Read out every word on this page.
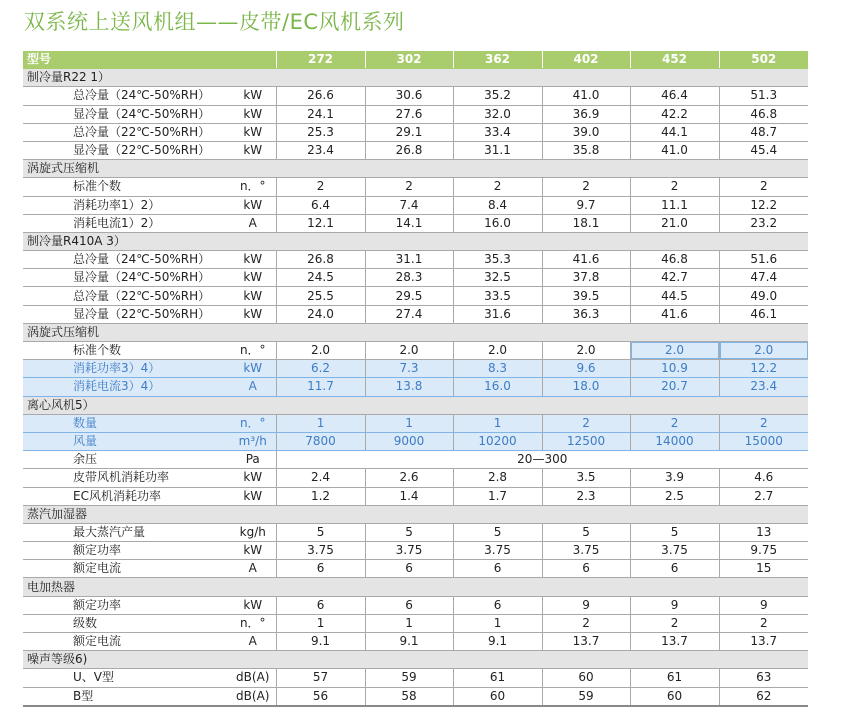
双系统上送风机组——皮带/EC风机系列
型号		272	302	362	402	452	502
制冷量R22 1）							
总冷量（24℃-50%RH）	kW	26.6	30.6	35.2	41.0	46.4	51.3
显冷量（24℃-50%RH）	kW	24.1	27.6	32.0	36.9	42.2	46.8
总冷量（22℃-50%RH）	kW	25.3	29.1	33.4	39.0	44.1	48.7
显冷量（22℃-50%RH）	kW	23.4	26.8	31.1	35.8	41.0	45.4
涡旋式压缩机							
标准个数	n．°	2	2	2	2	2	2
消耗功率1）2）	kW	6.4	7.4	8.4	9.7	11.1	12.2
消耗电流1）2）	A	12.1	14.1	16.0	18.1	21.0	23.2
制冷量R410A 3）							
总冷量（24℃-50%RH）	kW	26.8	31.1	35.3	41.6	46.8	51.6
显冷量（24℃-50%RH）	kW	24.5	28.3	32.5	37.8	42.7	47.4
总冷量（22℃-50%RH）	kW	25.5	29.5	33.5	39.5	44.5	49.0
显冷量（22℃-50%RH）	kW	24.0	27.4	31.6	36.3	41.6	46.1
涡旋式压缩机							
标准个数	n．°	2.0	2.0	2.0	2.0	2.0	2.0
消耗功率3）4）	kW	6.2	7.3	8.3	9.6	10.9	12.2
消耗电流3）4）	A	11.7	13.8	16.0	18.0	20.7	23.4
离心风机5）							
数量	n．°	1	1	1	2	2	2
风量	m³/h	7800	9000	10200	12500	14000	15000
余压	Pa	20—300					
皮带风机消耗功率	kW	2.4	2.6	2.8	3.5	3.9	4.6
EC风机消耗功率	kW	1.2	1.4	1.7	2.3	2.5	2.7
蒸汽加湿器							
最大蒸汽产量	kg/h	5	5	5	5	5	13
额定功率	kW	3.75	3.75	3.75	3.75	3.75	9.75
额定电流	A	6	6	6	6	6	15
电加热器							
额定功率	kW	6	6	6	9	9	9
级数	n．°	1	1	1	2	2	2
额定电流	A	9.1	9.1	9.1	13.7	13.7	13.7
噪声等级6)							
U、V型	dB(A)	57	59	61	60	61	63
B型	dB(A)	56	58	60	59	60	62
